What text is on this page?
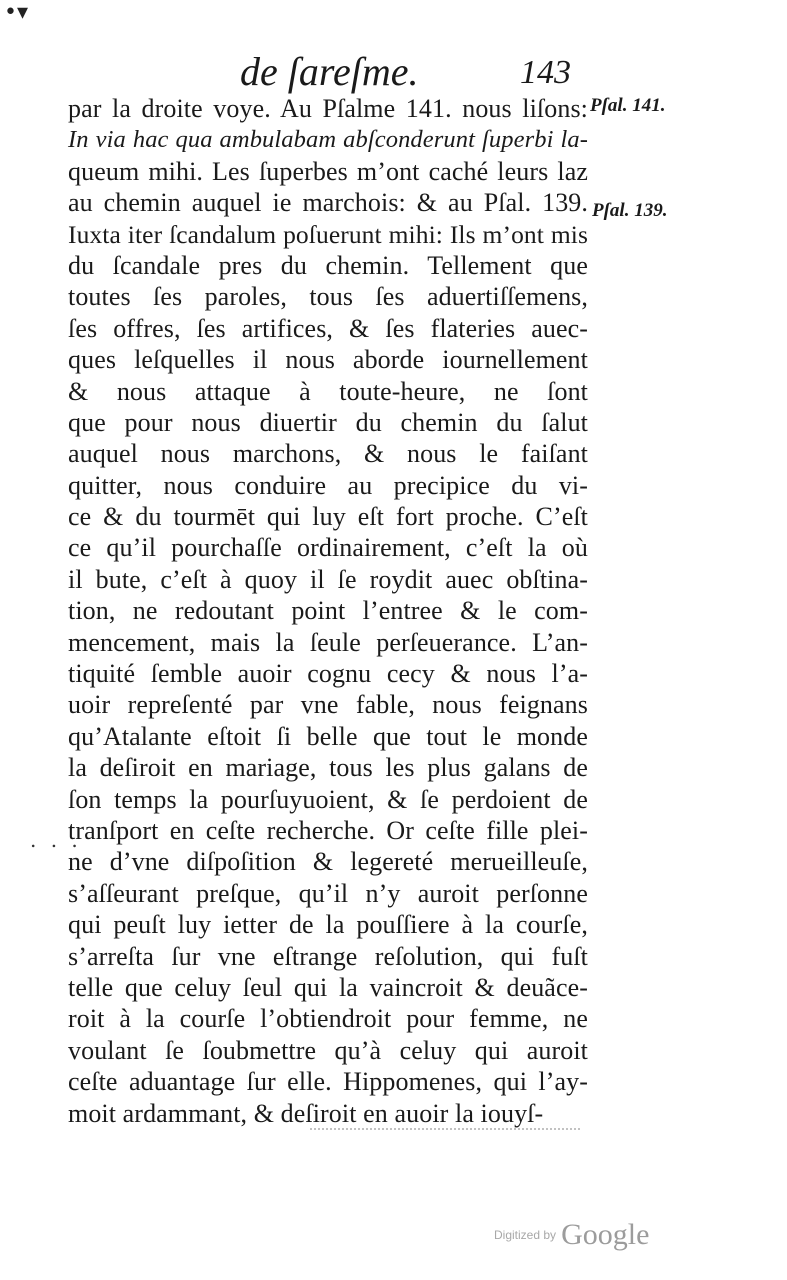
•▾
de ſareſme.	143
Pſal. 141.
Pſal. 139.
. . .
par la droite voye. Au Pſalme 141. nous liſons:
In via hac qua ambulabam abſconderunt ſuperbi la-
queum mihi. Les ſuperbes m’ont caché leurs laz
au chemin auquel ie marchois: & au Pſal. 139.
Iuxta iter ſcandalum poſuerunt mihi: Ils m’ont mis
du ſcandale pres du chemin. Tellement que
toutes ſes paroles, tous ſes aduertiſſemens,
ſes offres, ſes artifices, & ſes flateries auec-
ques leſquelles il nous aborde iournellement
& nous attaque à toute-heure, ne ſont
que pour nous diuertir du chemin du ſalut
auquel nous marchons, & nous le faiſant
quitter, nous conduire au precipice du vi-
ce & du tourmēt qui luy eſt fort proche. C’eſt
ce qu’il pourchaſſe ordinairement, c’eſt la où
il bute, c’eſt à quoy il ſe roydit auec obſtina-
tion, ne redoutant point l’entree & le com-
mencement, mais la ſeule perſeuerance. L’an-
tiquité ſemble auoir cognu cecy & nous l’a-
uoir repreſenté par vne fable, nous feignans
qu’Atalante eſtoit ſi belle que tout le monde
la deſiroit en mariage, tous les plus galans de
ſon temps la pourſuyuoient, & ſe perdoient de
tranſport en ceſte recherche. Or ceſte fille plei-
ne d’vne diſpoſition & legereté merueilleuſe,
s’aſſeurant preſque, qu’il n’y auroit perſonne
qui peuſt luy ietter de la pouſſiere à la courſe,
s’arreſta ſur vne eſtrange reſolution, qui fuſt
telle que celuy ſeul qui la vaincroit & deuãce-
roit à la courſe l’obtiendroit pour femme, ne
voulant ſe ſoubmettre qu’à celuy qui auroit
ceſte aduantage ſur elle. Hippomenes, qui l’ay-
moit ardammant, & deſiroit en auoir la iouyſ-
Digitized by Google
